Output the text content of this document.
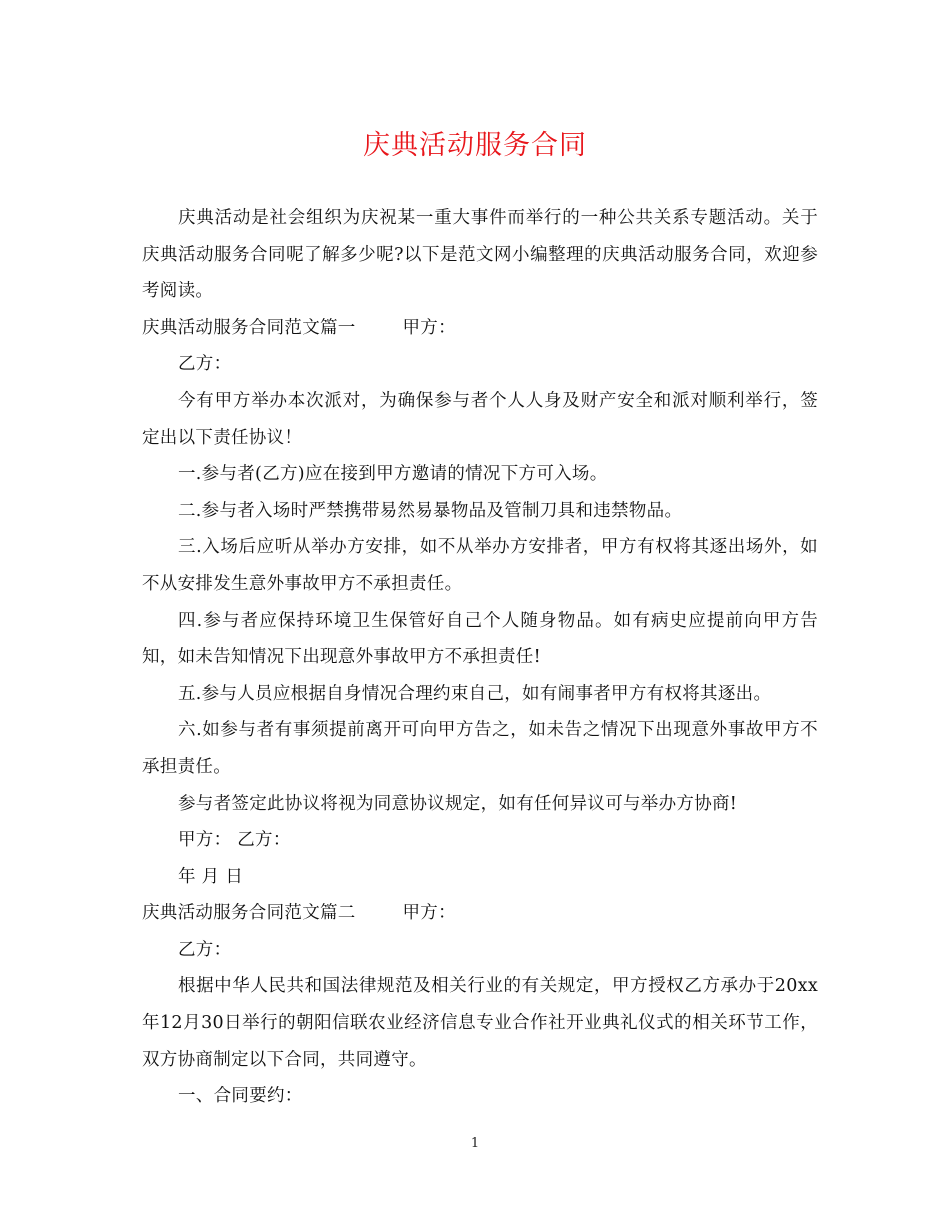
庆典活动服务合同

庆典活动是社会组织为庆祝某一重大事件而举行的一种公共关系专题活动。关于庆典活动服务合同呢了解多少呢?以下是范文网小编整理的庆典活动服务合同，欢迎参考阅读。

庆典活动服务合同范文篇一        甲方：

乙方：

今有甲方举办本次派对，为确保参与者个人人身及财产安全和派对顺利举行，签定出以下责任协议！

一.参与者(乙方)应在接到甲方邀请的情况下方可入场。

二.参与者入场时严禁携带易然易暴物品及管制刀具和违禁物品。

三.入场后应听从举办方安排，如不从举办方安排者，甲方有权将其逐出场外，如不从安排发生意外事故甲方不承担责任。

四.参与者应保持环境卫生保管好自己个人随身物品。如有病史应提前向甲方告知，如未告知情况下出现意外事故甲方不承担责任!

五.参与人员应根据自身情况合理约束自己，如有闹事者甲方有权将其逐出。

六.如参与者有事须提前离开可向甲方告之，如未告之情况下出现意外事故甲方不承担责任。

参与者签定此协议将视为同意协议规定，如有任何异议可与举办方协商!

甲方： 乙方：

年 月 日

庆典活动服务合同范文篇二        甲方：

乙方：

根据中华人民共和国法律规范及相关行业的有关规定，甲方授权乙方承办于20xx年12月30日举行的朝阳信联农业经济信息专业合作社开业典礼仪式的相关环节工作，双方协商制定以下合同，共同遵守。

一、合同要约：

1
